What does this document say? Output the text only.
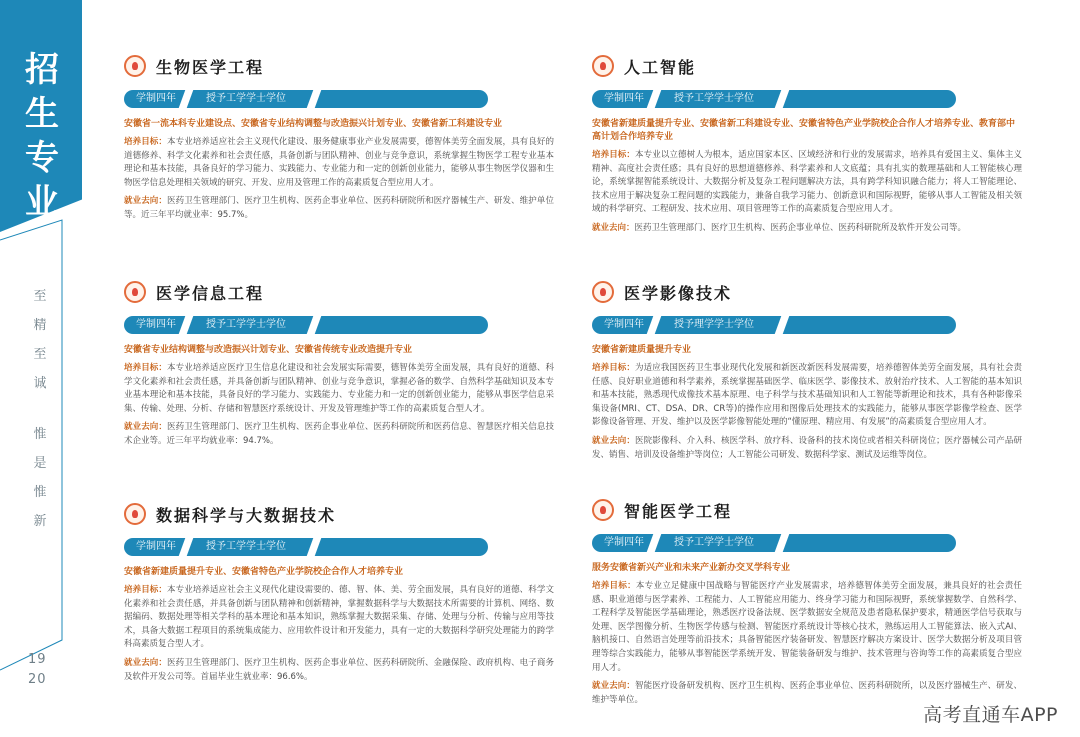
招
生
专
业
至
精
至
诚
惟
是
惟
新
19
20
生物医学工程
学制四年	授予工学学士学位
安徽省一流本科专业建设点、安徽省专业结构调整与改造振兴计划专业、安徽省新工科建设专业
培养目标：本专业培养适应社会主义现代化建设、服务健康事业产业发展需要，德智体美劳全面发展，具有良好的道德修养、科学文化素养和社会责任感，具备创新与团队精神、创业与竞争意识，系统掌握生物医学工程专业基本理论和基本技能，具备良好的学习能力、实践能力、专业能力和一定的创新创业能力，能够从事生物医学仪器和生物医学信息处理相关领域的研究、开发、应用及管理工作的高素质复合型应用人才。
就业去向：医药卫生管理部门、医疗卫生机构、医药企事业单位、医药科研院所和医疗器械生产、研发、维护单位等。近三年平均就业率：95.7%。
人工智能
学制四年	授予工学学士学位
安徽省新建质量提升专业、安徽省新工科建设专业、安徽省特色产业学院校企合作人才培养专业、教育部中高计划合作培养专业
培养目标：本专业以立德树人为根本，适应国家本区、区域经济和行业的发展需求，培养具有爱国主义、集体主义精神、高度社会责任感；具有良好的思想道德修养、科学素养和人文底蕴；具有扎实的数理基础和人工智能核心理论，系统掌握智能系统设计、大数据分析及复杂工程问题解决方法，具有跨学科知识融合能力；将人工智能理论、技术应用于解决复杂工程问题的实践能力，兼备自我学习能力、创新意识和国际视野，能够从事人工智能及相关领域的科学研究、工程研发、技术应用、项目管理等工作的高素质复合型应用人才。
就业去向：医药卫生管理部门、医疗卫生机构、医药企事业单位、医药科研院所及软件开发公司等。
医学信息工程
学制四年	授予工学学士学位
安徽省专业结构调整与改造振兴计划专业、安徽省传统专业改造提升专业
培养目标：本专业培养适应医疗卫生信息化建设和社会发展实际需要，德智体美劳全面发展，具有良好的道德、科学文化素养和社会责任感，并具备创新与团队精神、创业与竞争意识，掌握必备的数学、自然科学基础知识及本专业基本理论和基本技能，具备良好的学习能力、实践能力、专业能力和一定的创新创业能力，能够从事医学信息采集、传输、处理、分析、存储和智慧医疗系统设计、开发及管理维护等工作的高素质复合型人才。
就业去向：医药卫生管理部门、医疗卫生机构、医药企事业单位、医药科研院所和医药信息、智慧医疗相关信息技术企业等。近三年平均就业率：94.7%。
医学影像技术
学制四年	授予理学学士学位
安徽省新建质量提升专业
培养目标：为适应我国医药卫生事业现代化发展和新医改新医科发展需要，培养德智体美劳全面发展，具有社会责任感、良好职业道德和科学素养，系统掌握基础医学、临床医学、影像技术、放射治疗技术、人工智能的基本知识和基本技能，熟悉现代成像技术基本原理、电子科学与技术基础知识和人工智能等新理论和技术，具有各种影像采集设备(MRI、CT、DSA、DR、CR等)的操作应用和图像后处理技术的实践能力，能够从事医学影像学检查、医学影像设备管理、开发、维护以及医学影像智能处理的“懂原理、精应用、有发展”的高素质复合型应用人才。
就业去向：医院影像科、介入科、核医学科、放疗科、设备科的技术岗位或者相关科研岗位；医疗器械公司产品研发、销售、培训及设备维护等岗位；人工智能公司研发、数据科学家、测试及运维等岗位。
数据科学与大数据技术
学制四年	授予工学学士学位
安徽省新建质量提升专业、安徽省特色产业学院校企合作人才培养专业
培养目标：本专业培养适应社会主义现代化建设需要的、德、智、体、美、劳全面发展，具有良好的道德、科学文化素养和社会责任感，并具备创新与团队精神和创新精神，掌握数据科学与大数据技术所需要的计算机、网络、数据编码、数据处理等相关学科的基本理论和基本知识，熟练掌握大数据采集、存储、处理与分析、传输与应用等技术，具备大数据工程项目的系统集成能力、应用软件设计和开发能力，具有一定的大数据科学研究处理能力的跨学科高素质复合型人才。
就业去向：医药卫生管理部门、医疗卫生机构、医药企事业单位、医药科研院所、金融保险、政府机构、电子商务及软件开发公司等。首届毕业生就业率：96.6%。
智能医学工程
学制四年	授予工学学士学位
服务安徽省新兴产业和未来产业新办交叉学科专业
培养目标：本专业立足健康中国战略与智能医疗产业发展需求，培养德智体美劳全面发展，兼具良好的社会责任感、职业道德与医学素养、工程能力、人工智能应用能力、终身学习能力和国际视野，系统掌握数学、自然科学、工程科学及智能医学基础理论，熟悉医疗设备法规、医学数据安全规范及患者隐私保护要求，精通医学信号获取与处理、医学图像分析、生物医学传感与检测、智能医疗系统设计等核心技术，熟练运用人工智能算法、嵌入式AI、脑机接口、自然语言处理等前沿技术；具备智能医疗装备研发、智慧医疗解决方案设计、医学大数据分析及项目管理等综合实践能力，能够从事智能医学系统开发、智能装备研发与维护、技术管理与咨询等工作的高素质复合型应用人才。
就业去向：智能医疗设备研发机构、医疗卫生机构、医药企事业单位、医药科研院所，以及医疗器械生产、研发、维护等单位。
高考直通车APP
